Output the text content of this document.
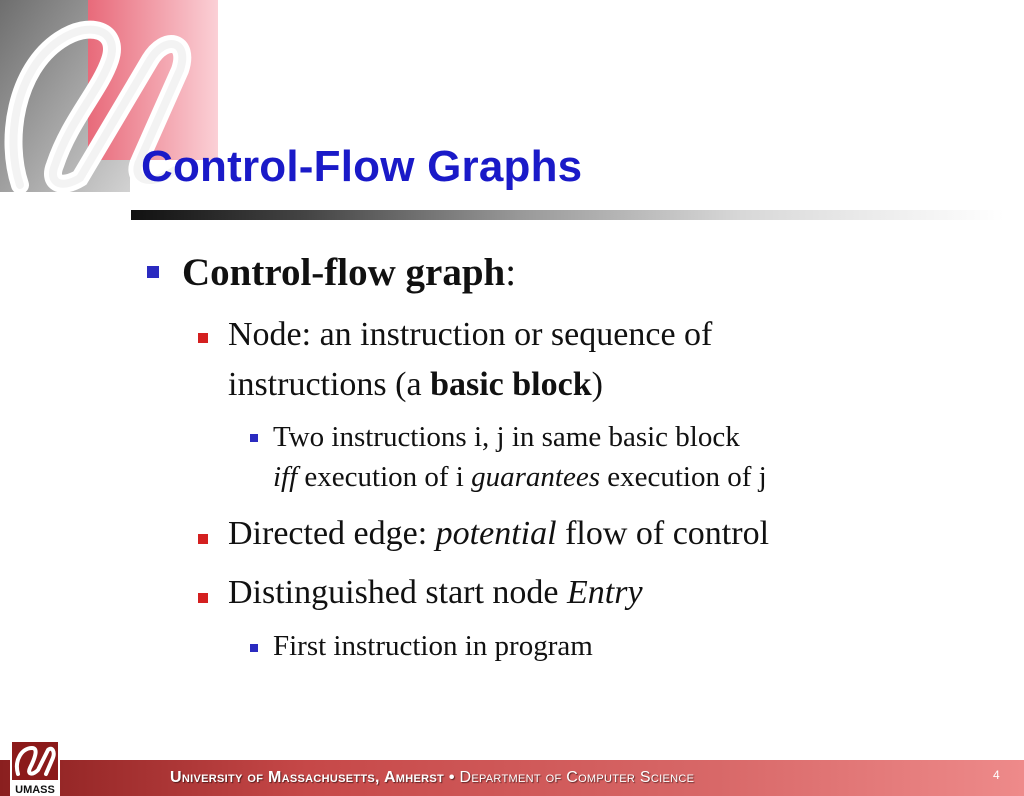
Control-Flow Graphs
Control-flow graph:
Node: an instruction or sequence of
instructions (a basic block)
Two instructions i, j in same basic block
iff execution of i guarantees execution of j
Directed edge: potential flow of control
Distinguished start node Entry
First instruction in program
University of Massachusetts, Amherst • Department of Computer Science	4
UMASS
